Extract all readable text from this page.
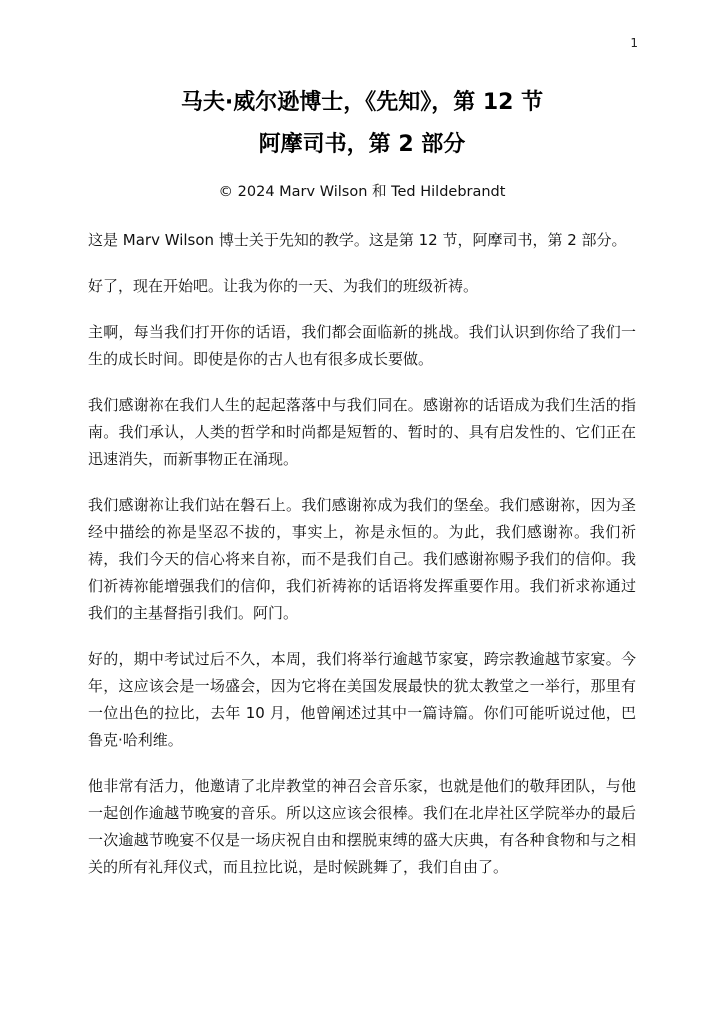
1
马夫·威尔逊博士，《先知》，第 12 节
阿摩司书，第 2 部分
© 2024 Marv Wilson 和 Ted Hildebrandt

这是 Marv Wilson 博士关于先知的教学。这是第 12 节，阿摩司书，第 2 部分。

好了，现在开始吧。让我为你的一天、为我们的班级祈祷。

主啊，每当我们打开你的话语，我们都会面临新的挑战。我们认识到你给了我们一生的成长时间。即使是你的古人也有很多成长要做。

我们感谢祢在我们人生的起起落落中与我们同在。感谢祢的话语成为我们生活的指南。我们承认，人类的哲学和时尚都是短暂的、暂时的、具有启发性的、它们正在迅速消失，而新事物正在涌现。

我们感谢祢让我们站在磐石上。我们感谢祢成为我们的堡垒。我们感谢祢，因为圣经中描绘的祢是坚忍不拔的，事实上，祢是永恒的。为此，我们感谢祢。我们祈祷，我们今天的信心将来自祢，而不是我们自己。我们感谢祢赐予我们的信仰。我们祈祷祢能增强我们的信仰，我们祈祷祢的话语将发挥重要作用。我们祈求祢通过我们的主基督指引我们。阿门。

好的，期中考试过后不久，本周，我们将举行逾越节家宴，跨宗教逾越节家宴。今年，这应该会是一场盛会，因为它将在美国发展最快的犹太教堂之一举行，那里有一位出色的拉比，去年 10 月，他曾阐述过其中一篇诗篇。你们可能听说过他，巴鲁克·哈利维。

他非常有活力，他邀请了北岸教堂的神召会音乐家，也就是他们的敬拜团队，与他一起创作逾越节晚宴的音乐。所以这应该会很棒。我们在北岸社区学院举办的最后一次逾越节晚宴不仅是一场庆祝自由和摆脱束缚的盛大庆典，有各种食物和与之相关的所有礼拜仪式，而且拉比说，是时候跳舞了，我们自由了。
